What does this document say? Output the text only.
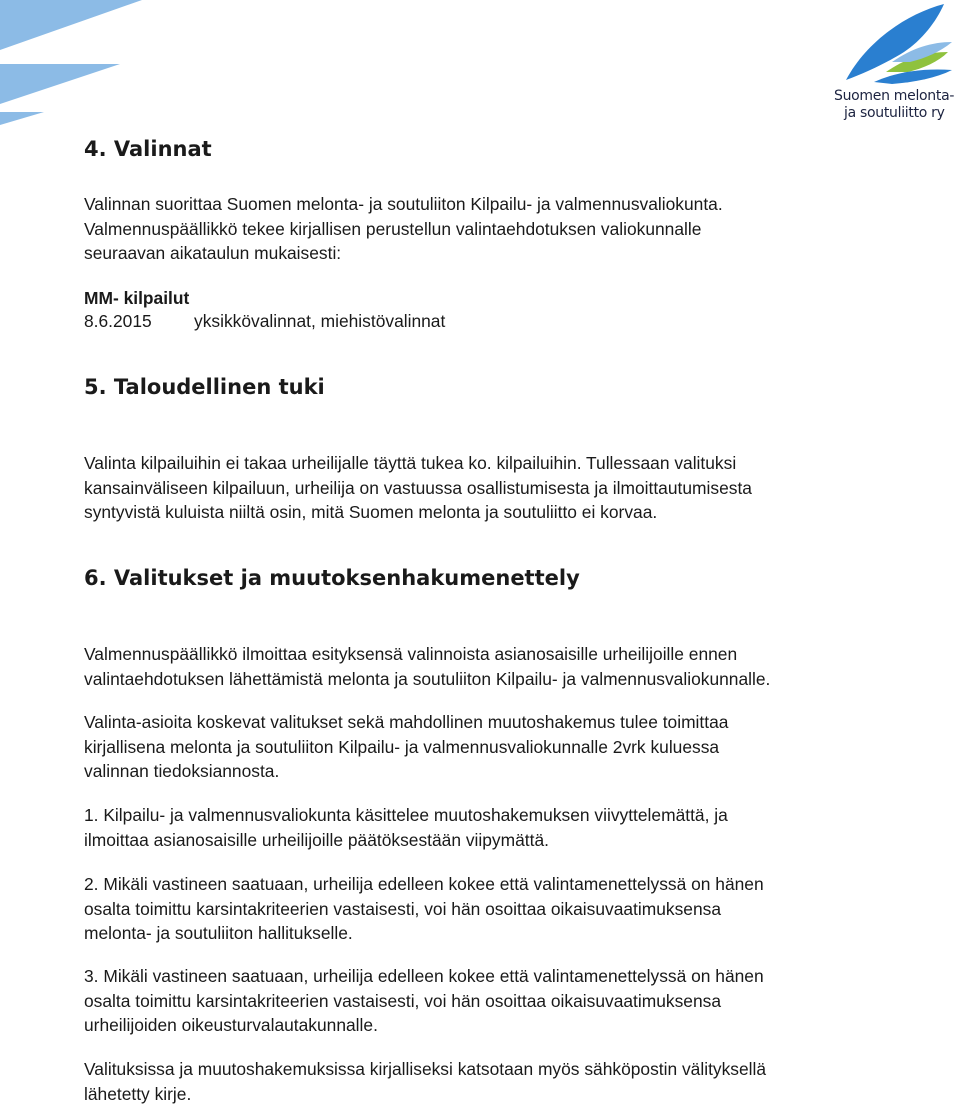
Suomen melonta-
ja soutuliitto ry
4. Valinnat

Valinnan suorittaa Suomen melonta- ja soutuliiton Kilpailu- ja valmennusvaliokunta.
Valmennuspäällikkö tekee kirjallisen perustellun valintaehdotuksen valiokunnalle
seuraavan aikataulun mukaisesti:

MM- kilpailut

8.6.2015 yksikkövalinnat, miehistövalinnat
5. Taloudellinen tuki

Valinta kilpailuihin ei takaa urheilijalle täyttä tukea ko. kilpailuihin. Tullessaan valituksi
kansainväliseen kilpailuun, urheilija on vastuussa osallistumisesta ja ilmoittautumisesta
syntyvistä kuluista niiltä osin, mitä Suomen melonta ja soutuliitto ei korvaa.

6. Valitukset ja muutoksenhakumenettely

Valmennuspäällikkö ilmoittaa esityksensä valinnoista asianosaisille urheilijoille ennen
valintaehdotuksen lähettämistä melonta ja soutuliiton Kilpailu- ja valmennusvaliokunnalle.

Valinta-asioita koskevat valitukset sekä mahdollinen muutoshakemus tulee toimittaa
kirjallisena melonta ja soutuliiton Kilpailu- ja valmennusvaliokunnalle 2vrk kuluessa
valinnan tiedoksiannosta.

1. Kilpailu- ja valmennusvaliokunta käsittelee muutoshakemuksen viivyttelemättä, ja
ilmoittaa asianosaisille urheilijoille päätöksestään viipymättä.

2. Mikäli vastineen saatuaan, urheilija edelleen kokee että valintamenettelyssä on hänen
osalta toimittu karsintakriteerien vastaisesti, voi hän osoittaa oikaisuvaatimuksensa
melonta- ja soutuliiton hallitukselle.

3. Mikäli vastineen saatuaan, urheilija edelleen kokee että valintamenettelyssä on hänen
osalta toimittu karsintakriteerien vastaisesti, voi hän osoittaa oikaisuvaatimuksensa
urheilijoiden oikeusturvalautakunnalle.

Valituksissa ja muutoshakemuksissa kirjalliseksi katsotaan myös sähköpostin välityksellä
lähetetty kirje.
